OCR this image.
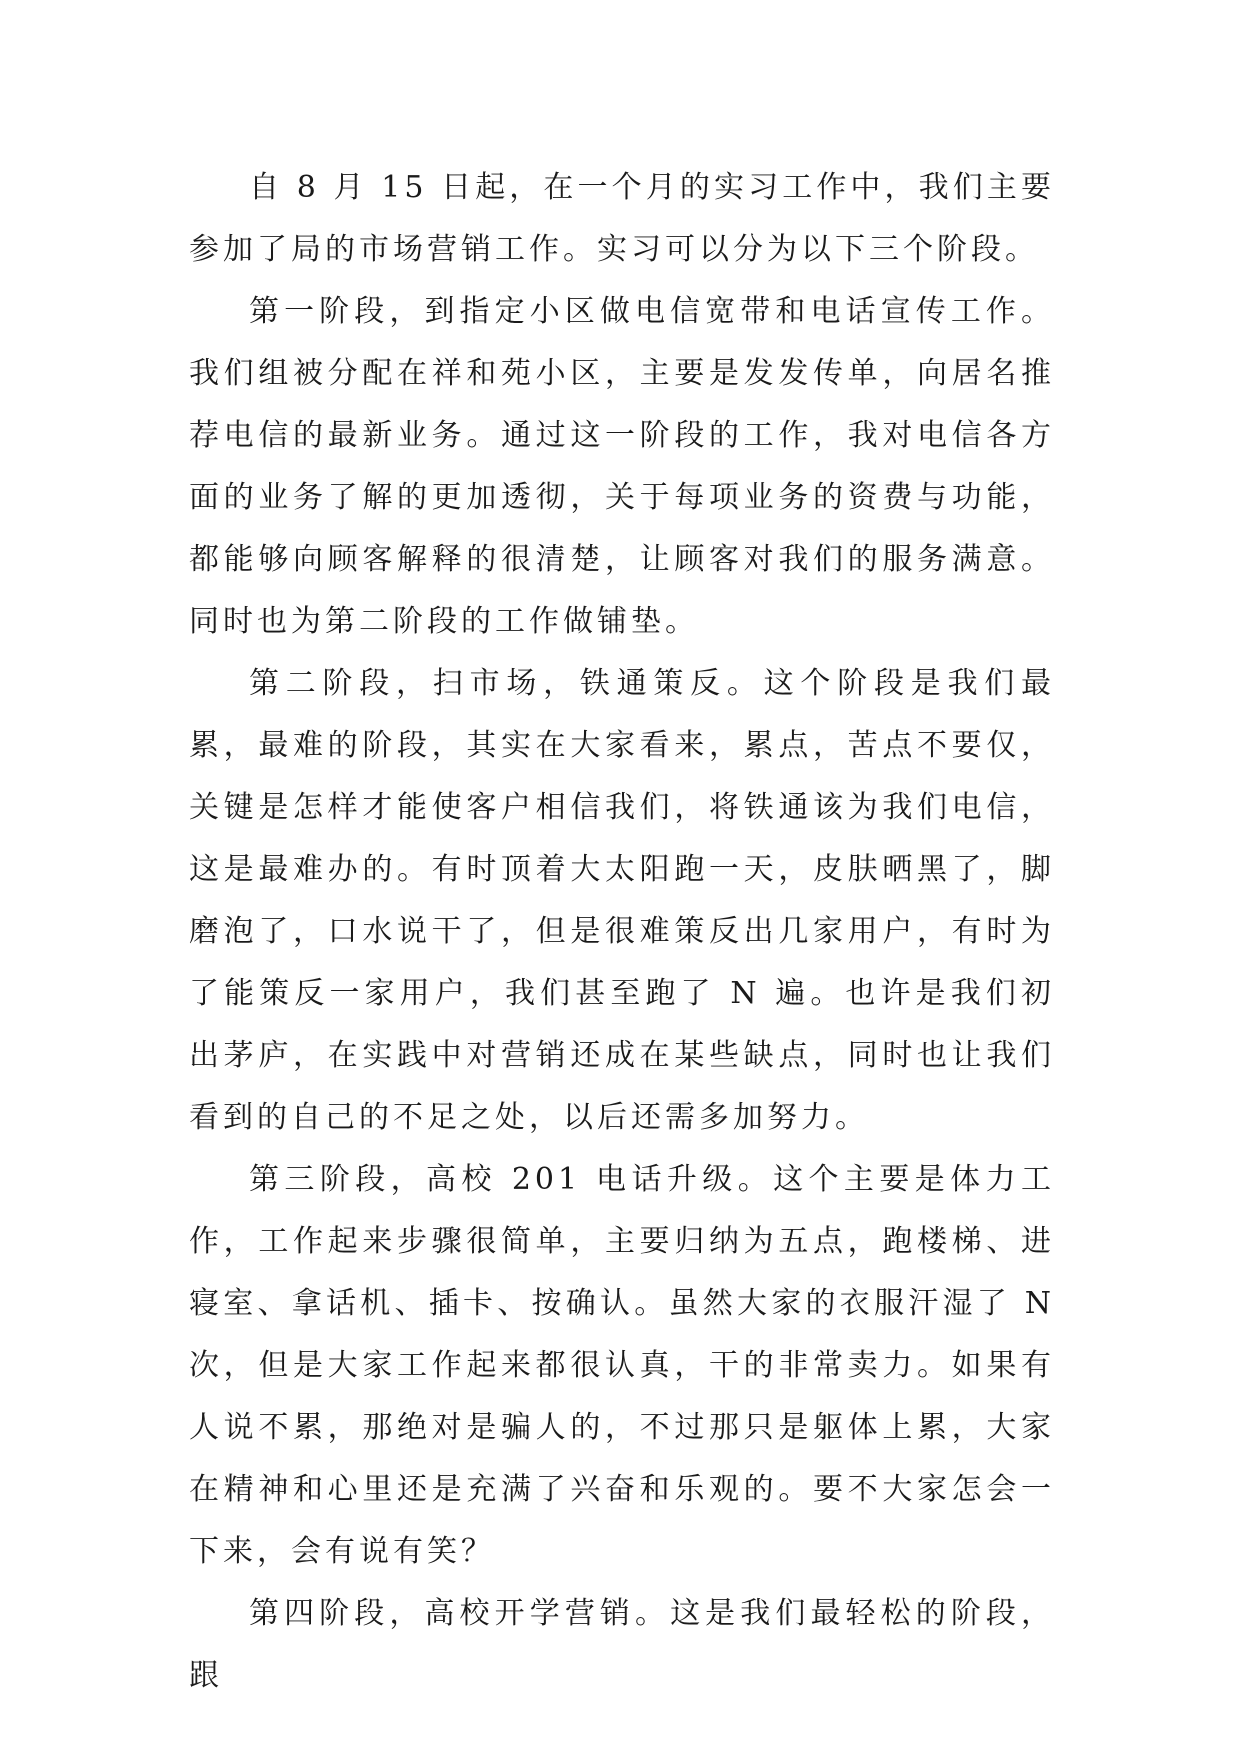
自 8 月 15 日起，在一个月的实习工作中，我们主要参加了局的市场营销工作。实习可以分为以下三个阶段。

第一阶段，到指定小区做电信宽带和电话宣传工作。我们组被分配在祥和苑小区，主要是发发传单，向居名推荐电信的最新业务。通过这一阶段的工作，我对电信各方面的业务了解的更加透彻，关于每项业务的资费与功能，都能够向顾客解释的很清楚，让顾客对我们的服务满意。同时也为第二阶段的工作做铺垫。

第二阶段，扫市场，铁通策反。这个阶段是我们最累，最难的阶段，其实在大家看来，累点，苦点不要仅，关键是怎样才能使客户相信我们，将铁通该为我们电信，这是最难办的。有时顶着大太阳跑一天，皮肤晒黑了，脚磨泡了，口水说干了，但是很难策反出几家用户，有时为了能策反一家用户，我们甚至跑了 N 遍。也许是我们初出茅庐，在实践中对营销还成在某些缺点，同时也让我们看到的自己的不足之处，以后还需多加努力。

第三阶段，高校 201 电话升级。这个主要是体力工作，工作起来步骤很简单，主要归纳为五点，跑楼梯、进寝室、拿话机、插卡、按确认。虽然大家的衣服汗湿了 N 次，但是大家工作起来都很认真，干的非常卖力。如果有人说不累，那绝对是骗人的，不过那只是躯体上累，大家在精神和心里还是充满了兴奋和乐观的。要不大家怎会一下来，会有说有笑？

第四阶段，高校开学营销。这是我们最轻松的阶段，跟
